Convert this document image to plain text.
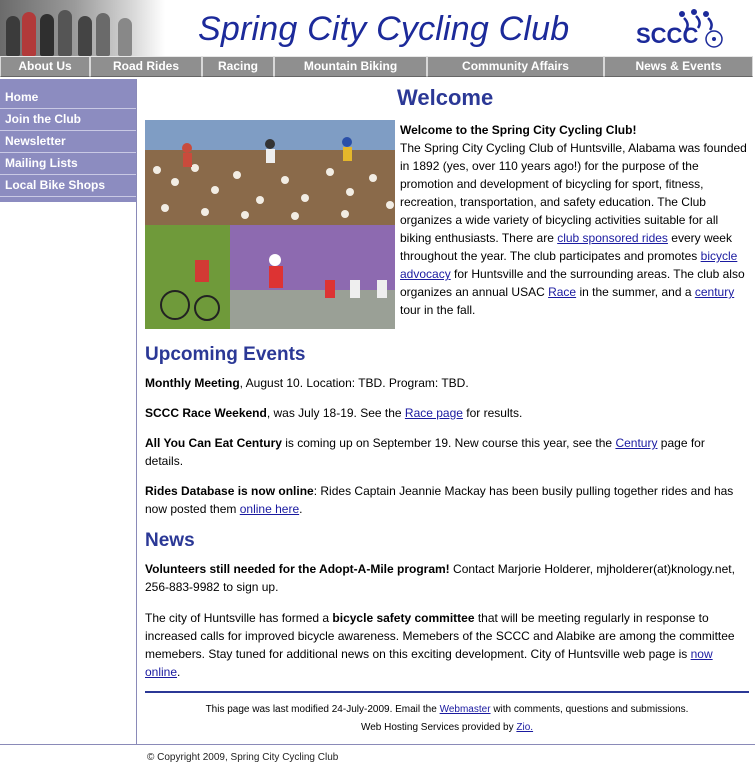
Spring City Cycling Club	SCCC
About Us	Road Rides	Racing	Mountain Biking	Community Affairs	News & Events
Home
Join the Club
Newsletter
Mailing Lists
Local Bike Shops
Welcome
Welcome to the Spring City Cycling Club!
The Spring City Cycling Club of Huntsville, Alabama was founded in 1892 (yes, over 110 years ago!) for the purpose of the promotion and development of bicycling for sport, fitness, recreation, transportation, and safety education. The Club organizes a wide variety of bicycling activities suitable for all biking enthusiasts. There are club sponsored rides every week throughout the year. The club participates and promotes bicycle advocacy for Huntsville and the surrounding areas. The club also organizes an annual USAC Race in the summer, and a century tour in the fall.
Upcoming Events
Monthly Meeting, August 10. Location: TBD. Program: TBD.
SCCC Race Weekend, was July 18-19. See the Race page for results.
All You Can Eat Century is coming up on September 19. New course this year, see the Century page for details.
Rides Database is now online: Rides Captain Jeannie Mackay has been busily pulling together rides and has now posted them online here.
News
Volunteers still needed for the Adopt-A-Mile program! Contact Marjorie Holderer, mjholderer(at)knology.net, 256-883-9982 to sign up.
The city of Huntsville has formed a bicycle safety committee that will be meeting regularly in response to increased calls for improved bicycle awareness. Memebers of the SCCC and Alabike are among the committee memebers. Stay tuned for additional news on this exciting development. City of Huntsville web page is now online.
This page was last modified 24-July-2009. Email the Webmaster with comments, questions and submissions.
Web Hosting Services provided by Zio.
© Copyright 2009, Spring City Cycling Club
